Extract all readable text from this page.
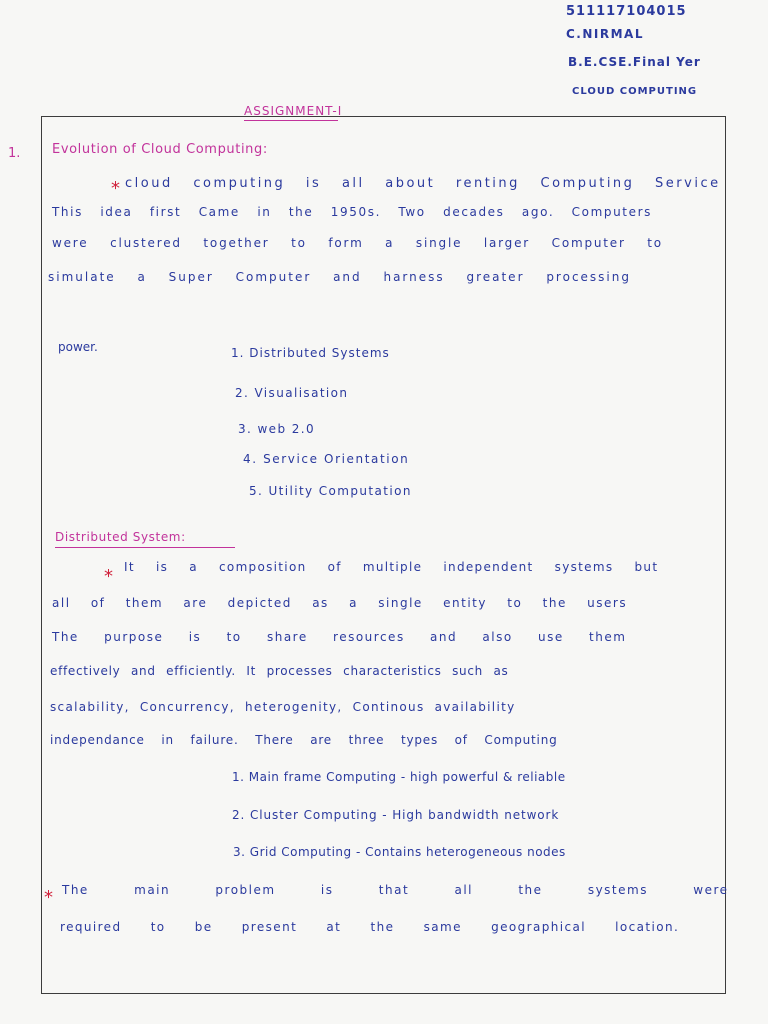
511117104015
C.NIRMAL
B.E.CSE.Final Yer
CLOUD COMPUTING
ASSIGNMENT-I
1. Evolution of Cloud Computing:
* cloud computing is all about renting Computing Service
This idea first Came in the 1950s. Two decades ago. Computers
were clustered together to form a single larger Computer to
simulate a Super Computer and harness greater processing
power.	1. Distributed Systems
2. Visualisation
3. web 2.0
4. Service Orientation
5. Utility Computation
Distributed System:
* It is a composition of multiple independent systems but
all of them are depicted as a single entity to the users
The purpose is to share resources and also use them
effectively and efficiently. It processes characteristics such as
scalability, Concurrency, heterogenity, Continous availability
independance in failure. There are three types of Computing
1. Main frame Computing - high powerful & reliable
2. Cluster Computing - High bandwidth network
3. Grid Computing - Contains heterogeneous nodes
* The main problem is that all the systems were
required to be present at the same geographical location.
